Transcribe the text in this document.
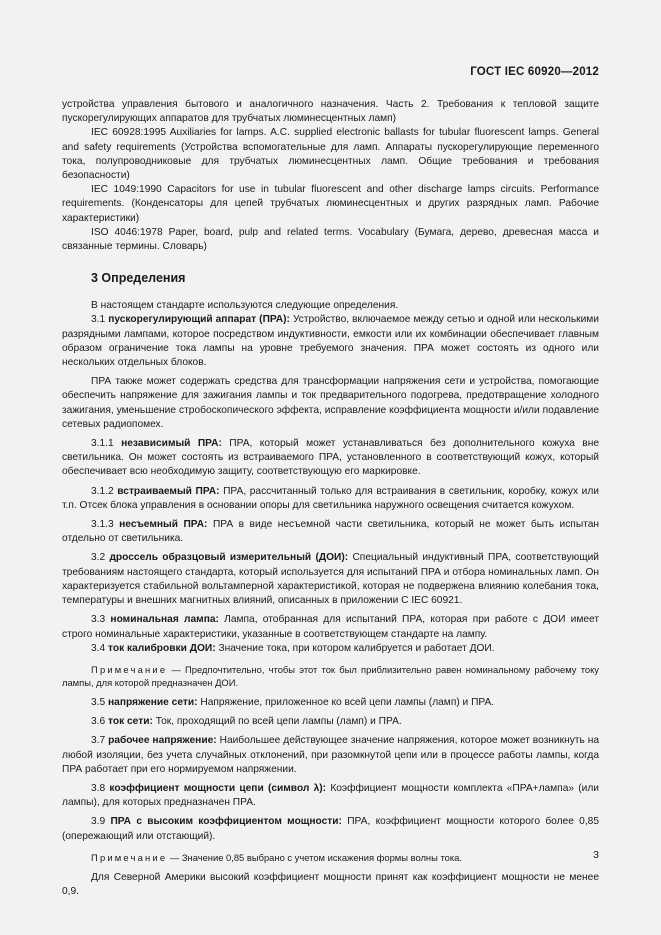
ГОСТ IEC 60920—2012

устройства управления бытового и аналогичного назначения. Часть 2. Требования к тепловой защите пускорегулирующих аппаратов для трубчатых люминесцентных ламп)

IEC 60928:1995 Auxiliaries for lamps. A.C. supplied electronic ballasts for tubular fluorescent lamps. General and safety requirements (Устройства вспомогательные для ламп. Аппараты пускорегулирующие переменного тока, полупроводниковые для трубчатых люминесцентных ламп. Общие требования и требования безопасности)

IEC 1049:1990 Capacitors for use in tubular fluorescent and other discharge lamps circuits. Performance requirements. (Конденсаторы для цепей трубчатых люминесцентных и других разрядных ламп. Рабочие характеристики)

ISO 4046:1978 Paper, board, pulp and related terms. Vocabulary (Бумага, дерево, древесная масса и связанные термины. Словарь)

3 Определения

В настоящем стандарте используются следующие определения.

3.1 пускорегулирующий аппарат (ПРА): Устройство, включаемое между сетью и одной или несколькими разрядными лампами, которое посредством индуктивности, емкости или их комбинации обеспечивает главным образом ограничение тока лампы на уровне требуемого значения. ПРА может состоять из одного или нескольких отдельных блоков.

ПРА также может содержать средства для трансформации напряжения сети и устройства, помогающие обеспечить напряжение для зажигания лампы и ток предварительного подогрева, предотвращение холодного зажигания, уменьшение стробоскопического эффекта, исправление коэффициента мощности и/или подавление сетевых радиопомех.

3.1.1 независимый ПРА: ПРА, который может устанавливаться без дополнительного кожуха вне светильника. Он может состоять из встраиваемого ПРА, установленного в соответствующий кожух, который обеспечивает всю необходимую защиту, соответствующую его маркировке.

3.1.2 встраиваемый ПРА: ПРА, рассчитанный только для встраивания в светильник, коробку, кожух или т.п. Отсек блока управления в основании опоры для светильника наружного освещения считается кожухом.

3.1.3 несъемный ПРА: ПРА в виде несъемной части светильника, который не может быть испытан отдельно от светильника.

3.2 дроссель образцовый измерительный (ДОИ): Специальный индуктивный ПРА, соответствующий требованиям настоящего стандарта, который используется для испытаний ПРА и отбора номинальных ламп. Он характеризуется стабильной вольтамперной характеристикой, которая не подвержена влиянию колебания тока, температуры и внешних магнитных влияний, описанных в приложении C IEC 60921.

3.3 номинальная лампа: Лампа, отобранная для испытаний ПРА, которая при работе с ДОИ имеет строго номинальные характеристики, указанные в соответствующем стандарте на лампу.

3.4 ток калибровки ДОИ: Значение тока, при котором калибруется и работает ДОИ.

Примечание — Предпочтительно, чтобы этот ток был приблизительно равен номинальному рабочему току лампы, для которой предназначен ДОИ.

3.5 напряжение сети: Напряжение, приложенное ко всей цепи лампы (ламп) и ПРА.

3.6 ток сети: Ток, проходящий по всей цепи лампы (ламп) и ПРА.

3.7 рабочее напряжение: Наибольшее действующее значение напряжения, которое может возникнуть на любой изоляции, без учета случайных отклонений, при разомкнутой цепи или в процессе работы лампы, когда ПРА работает при его нормируемом напряжении.

3.8 коэффициент мощности цепи (символ λ): Коэффициент мощности комплекта «ПРА+лампа» (или лампы), для которых предназначен ПРА.

3.9 ПРА с высоким коэффициентом мощности: ПРА, коэффициент мощности которого более 0,85 (опережающий или отстающий).

Примечание — Значение 0,85 выбрано с учетом искажения формы волны тока.

Для Северной Америки высокий коэффициент мощности принят как коэффициент мощности не менее 0,9.

3
